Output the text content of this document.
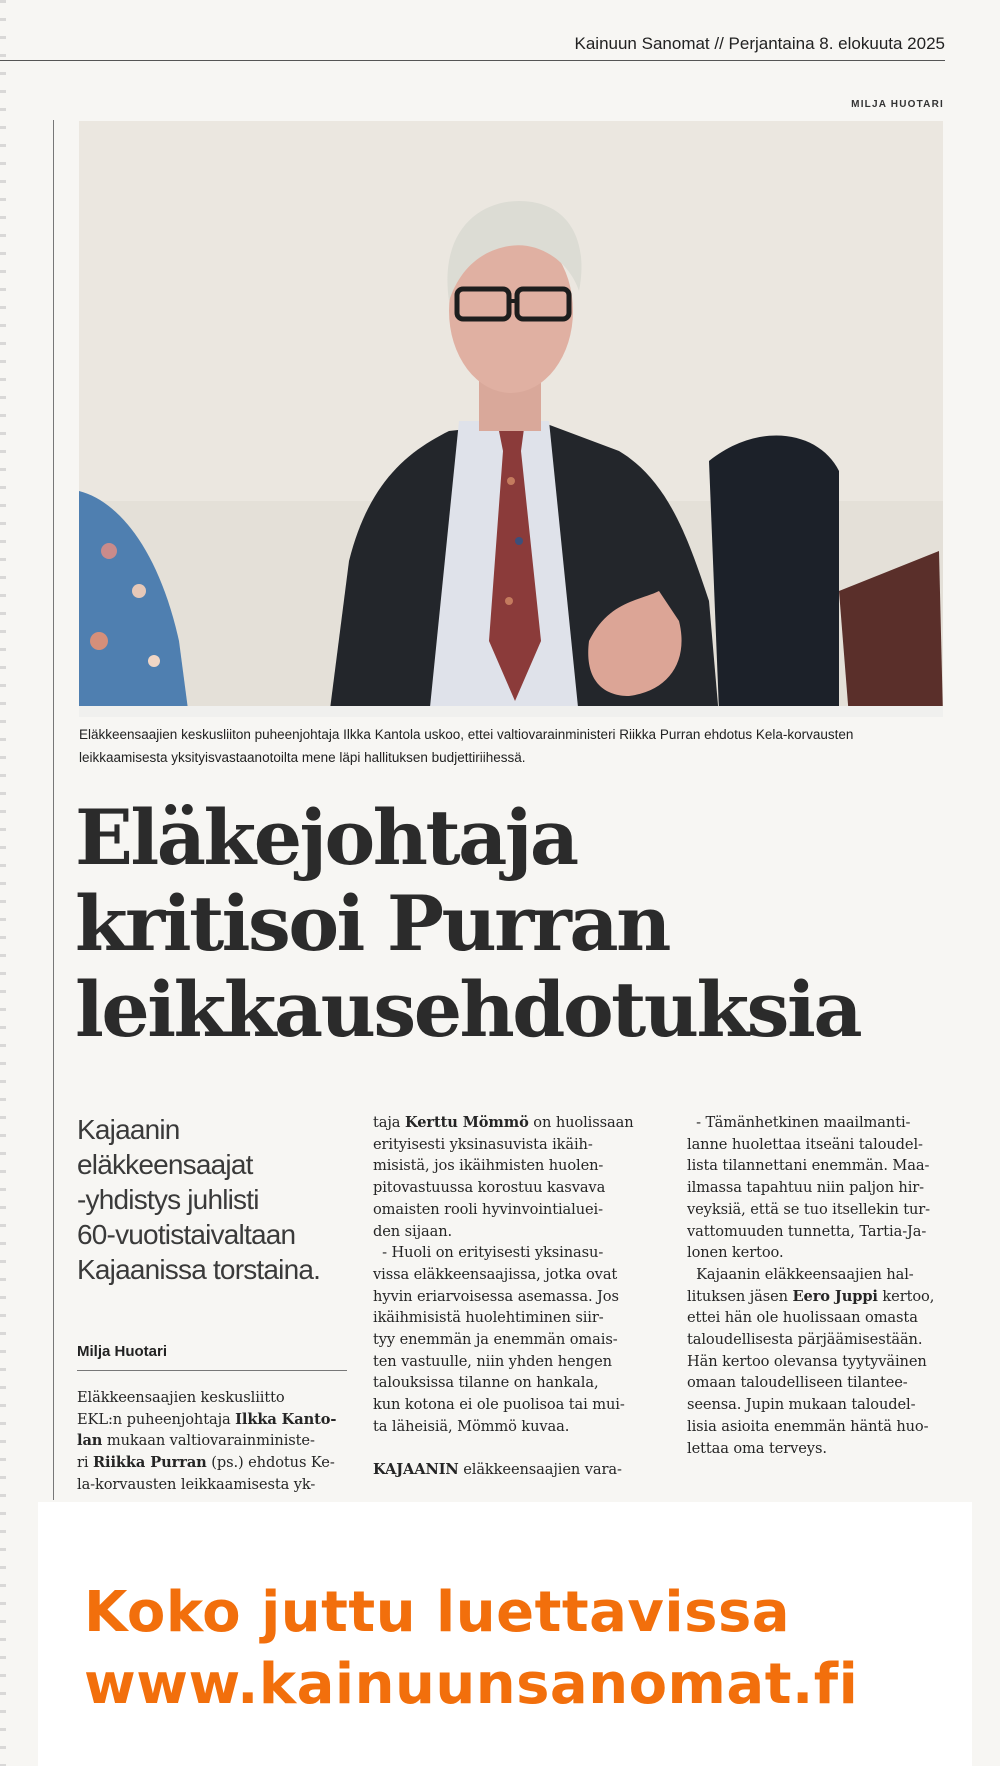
Kainuun Sanomat // Perjantaina 8. elokuuta 2025
MILJA HUOTARI
Eläkkeensaajien keskusliiton puheenjohtaja Ilkka Kantola uskoo, ettei valtiovarainministeri Riikka Purran ehdotus Kela-korvausten leikkaamisesta yksityisvastaanotoilta mene läpi hallituksen budjettiriihessä.
Eläkejohtaja
kritisoi Purran
leikkausehdotuksia
Kajaanin
eläkkeensaajat
-yhdistys juhlisti
60-vuotistaivaltaan
Kajaanissa torstaina.
Milja Huotari
Eläkkeensaajien keskusliitto
EKL:n puheenjohtaja Ilkka Kanto-
lan mukaan valtiovarainministe-
ri Riikka Purran (ps.) ehdotus Ke-
la-korvausten leikkaamisesta yk-
taja Kerttu Mömmö on huolissaan
erityisesti yksinasuvista ikäih-
misistä, jos ikäihmisten huolen-
pitovastuussa korostuu kasvava
omaisten rooli hyvinvointialuei-
den sijaan.
- Huoli on erityisesti yksinasu-
vissa eläkkeensaajissa, jotka ovat
hyvin eriarvoisessa asemassa. Jos
ikäihmisistä huolehtiminen siir-
tyy enemmän ja enemmän omais-
ten vastuulle, niin yhden hengen
talouksissa tilanne on hankala,
kun kotona ei ole puolisoa tai mui-
ta läheisiä, Mömmö kuvaa.

KAJAANIN eläkkeensaajien vara-
- Tämänhetkinen maailmanti-
lanne huolettaa itseäni taloudel-
lista tilannettani enemmän. Maa-
ilmassa tapahtuu niin paljon hir-
veyksiä, että se tuo itsellekin tur-
vattomuuden tunnetta, Tartia-Ja-
lonen kertoo.
Kajaanin eläkkeensaajien hal-
lituksen jäsen Eero Juppi kertoo,
ettei hän ole huolissaan omasta
taloudellisesta pärjäämisestään.
Hän kertoo olevansa tyytyväinen
omaan taloudelliseen tilantee-
seensa. Jupin mukaan taloudel-
lisia asioita enemmän häntä huo-
lettaa oma terveys.
Koko juttu luettavissa
www.kainuunsanomat.fi
